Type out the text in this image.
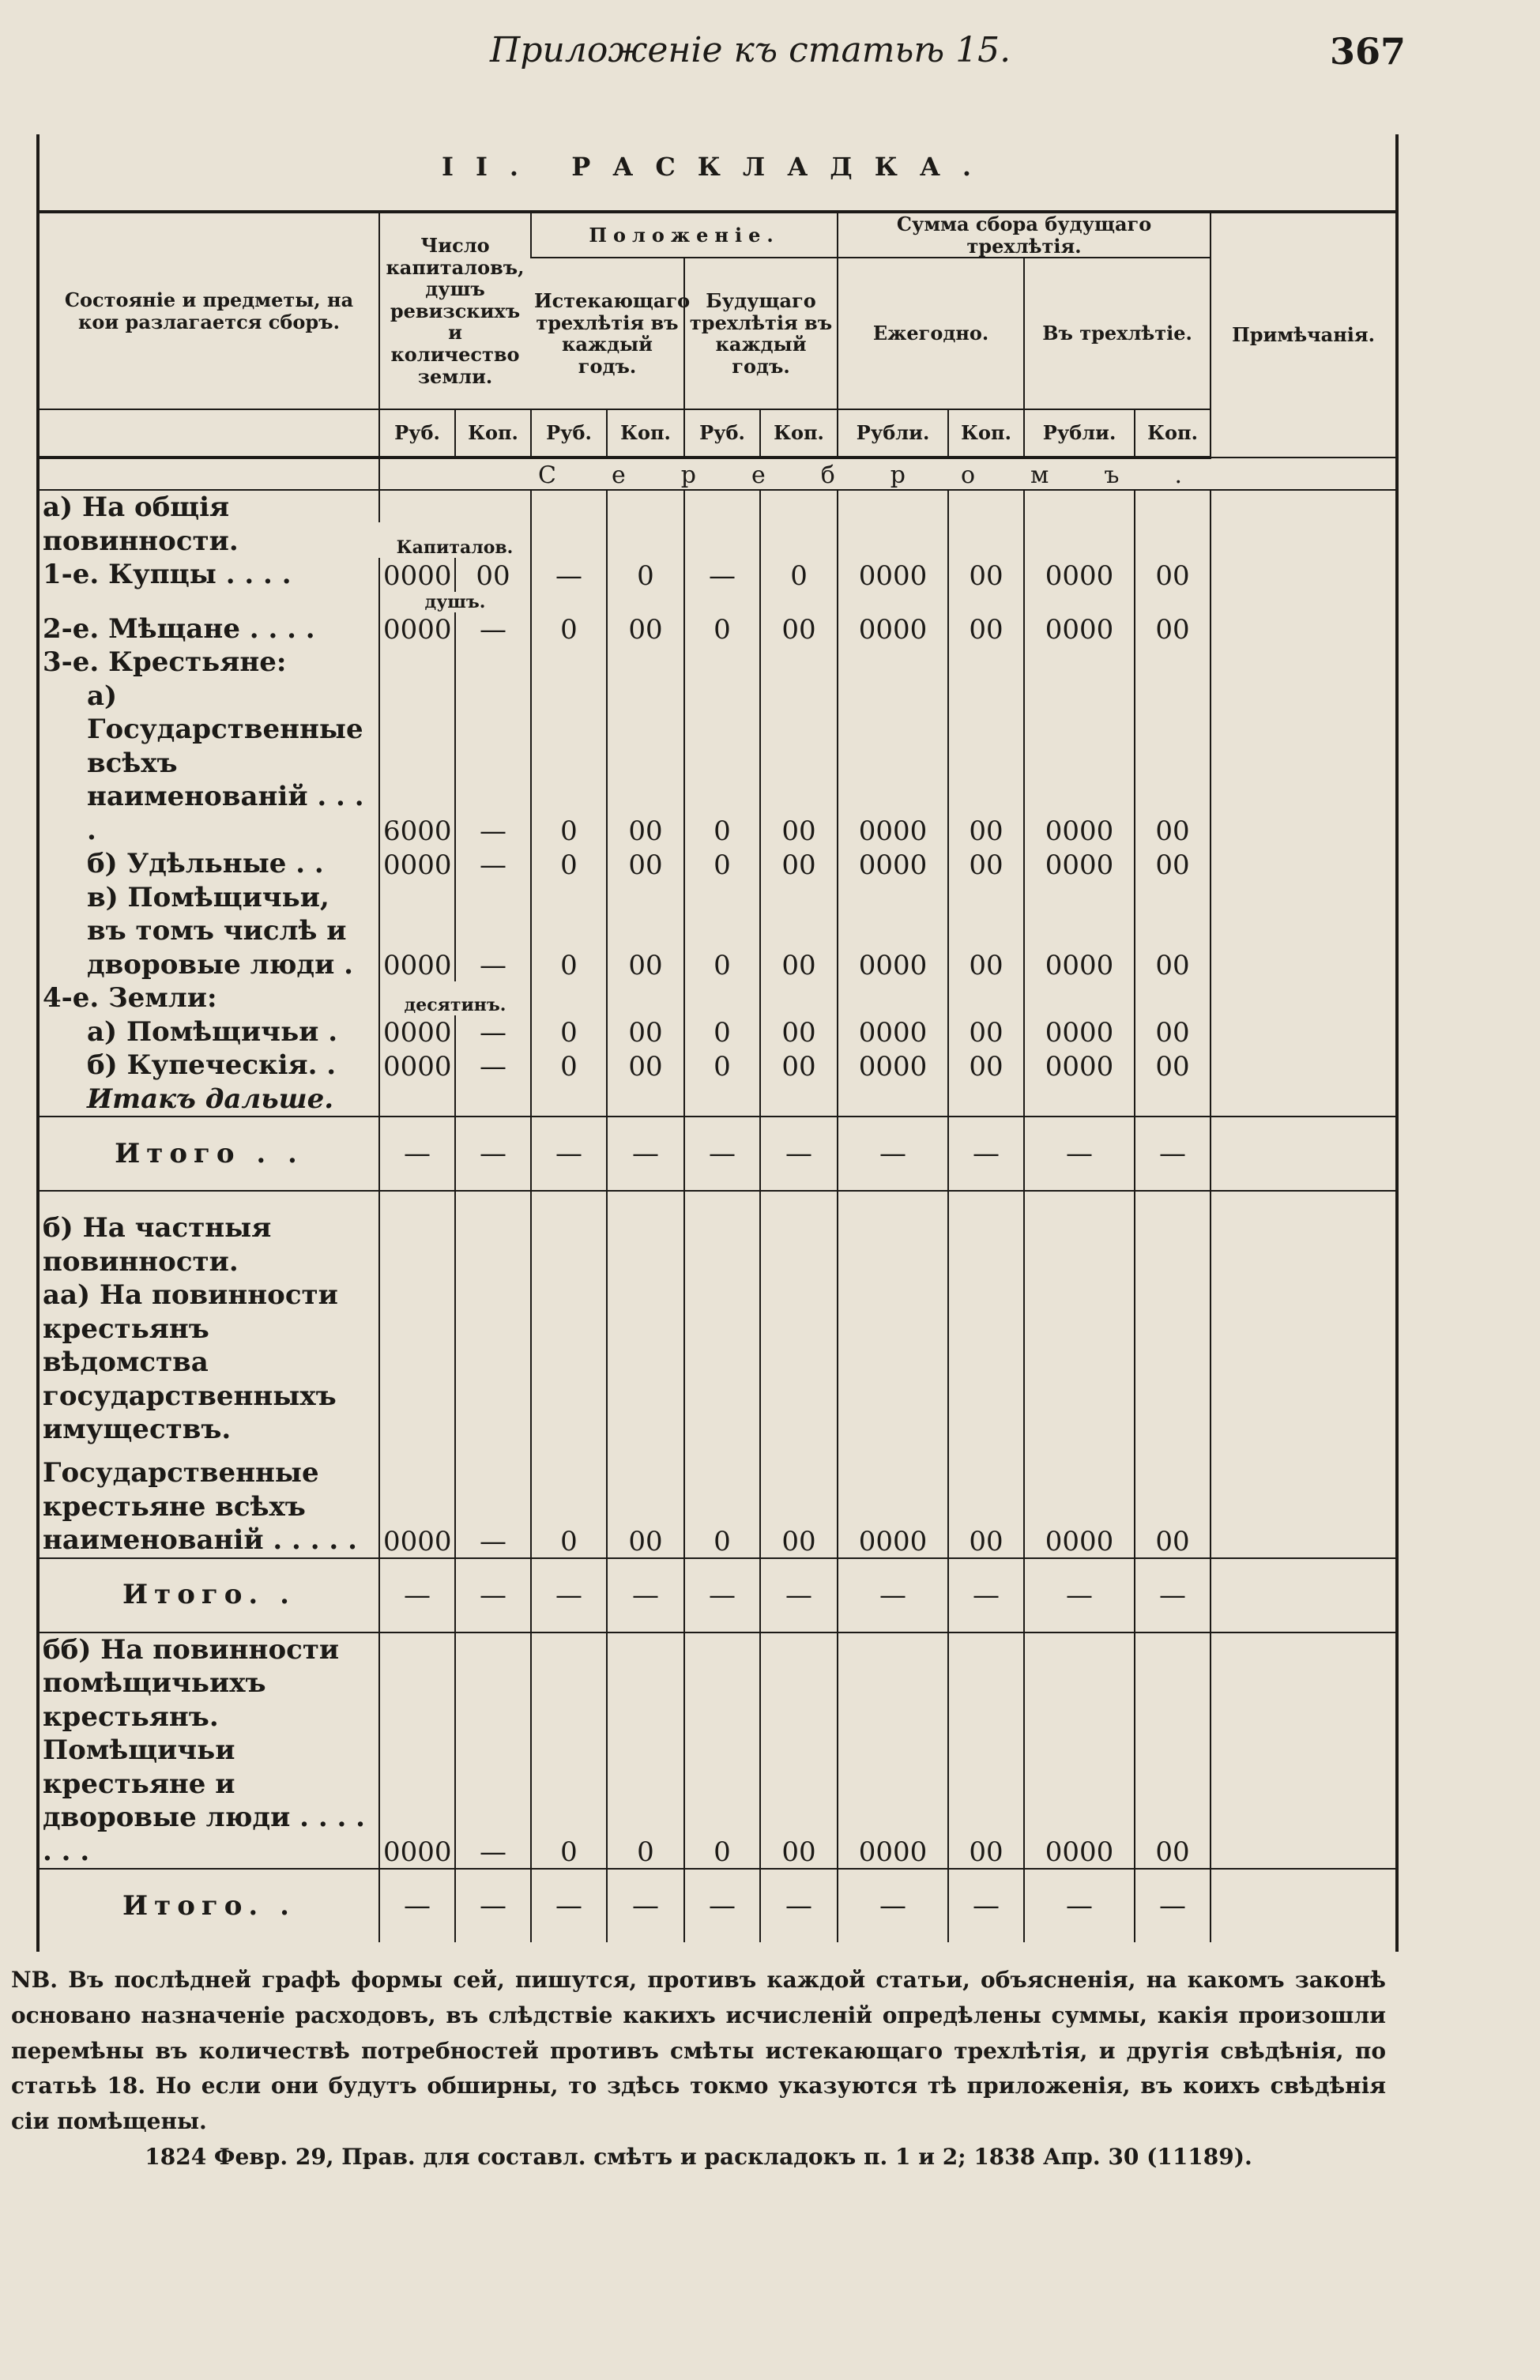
Приложеніе къ статьѣ 15.	367
II. РАСКЛАДКА.
Состояніе и предметы, на кои разлагается сборъ.	Число капиталовъ, душъ ревизскихъ и количество земли.		Положеніе.				Сумма сбора будущаго трехлѣтія.				Примѣчанія.
			Истекающаго трехлѣтія въ каждый годъ.		Будущаго трехлѣтія въ каждый годъ.		Ежегодно.		Въ трехлѣтіе.		

	Руб.	Коп.	Руб.	Коп.	Руб.	Коп.	Рубли.	Коп.	Рубли.	Коп.	
	Серебромъ.										
а) На общія повинности.											
	Капиталов.										
1-е. Купцы . . . .	0000	00	—	0	—	0	0000	00	0000	00	
	душъ.										
2-е. Мѣщане . . . .	0000	—	0	00	0	00	0000	00	0000	00	
3-е. Крестьяне:											
а) Государственные всѣхъ наименованій . . . .	6000	—	0	00	0	00	0000	00	0000	00	
б) Удѣльные . .	0000	—	0	00	0	00	0000	00	0000	00	
в) Помѣщичьи, въ томъ числѣ и дворовые люди .	0000	—	0	00	0	00	0000	00	0000	00	
4-е. Земли:	десятинъ.										
а) Помѣщичьи .	0000	—	0	00	0	00	0000	00	0000	00	
б) Купеческія. .	0000	—	0	00	0	00	0000	00	0000	00	
Итакъ дальше.											
Итого . .	—	—	—	—	—	—	—	—	—	—	
б) На частныя повинности.											
аа) На повинности крестьянъ вѣдомства государственныхъ имуществъ.											
Государственные крестьяне всѣхъ наименованій . . . . .	0000	—	0	00	0	00	0000	00	0000	00	
Итого. .	—	—	—	—	—	—	—	—	—	—	
бб) На повинности помѣщичьихъ крестьянъ.											
Помѣщичьи крестьяне и дворовые люди . . . . . . .	0000	—	0	0	0	00	0000	00	0000	00	
Итого. .	—	—	—	—	—	—	—	—	—	—	
NB. Въ послѣдней графѣ формы сей, пишутся, противъ каждой статьи, объясненія, на какомъ законѣ основано назначеніе расходовъ, въ слѣдствіе какихъ исчисленій опредѣлены суммы, какія произошли перемѣны въ количествѣ потребностей противъ смѣты истекающаго трехлѣтія, и другія свѣдѣнія, по статьѣ 18. Но если они будутъ обширны, то здѣсь токмо указуются тѣ приложенія, въ коихъ свѣдѣнія сіи помѣщены.
1824 Февр. 29, Прав. для составл. смѣтъ и раскладокъ п. 1 и 2; 1838 Апр. 30 (11189).
